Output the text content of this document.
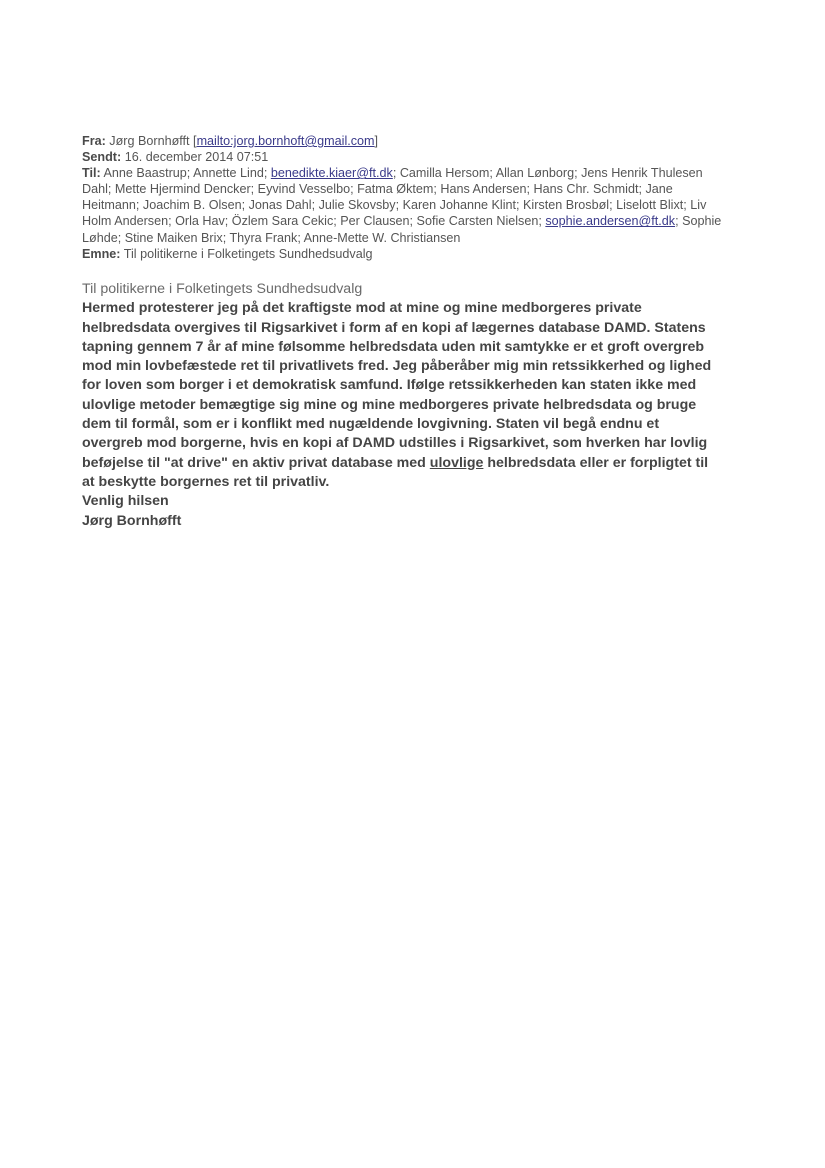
Fra: Jørg Bornhøfft [mailto:jorg.bornhoft@gmail.com]

Sendt: 16. december 2014 07:51

Til: Anne Baastrup; Annette Lind; benedikte.kiaer@ft.dk; Camilla Hersom; Allan Lønborg; Jens Henrik Thulesen Dahl; Mette Hjermind Dencker; Eyvind Vesselbo; Fatma Øktem; Hans Andersen; Hans Chr. Schmidt; Jane Heitmann; Joachim B. Olsen; Jonas Dahl; Julie Skovsby; Karen Johanne Klint; Kirsten Brosbøl; Liselott Blixt; Liv Holm Andersen; Orla Hav; Özlem Sara Cekic; Per Clausen; Sofie Carsten Nielsen; sophie.andersen@ft.dk; Sophie Løhde; Stine Maiken Brix; Thyra Frank; Anne-Mette W. Christiansen

Emne: Til politikerne i Folketingets Sundhedsudvalg

Til politikerne i Folketingets Sundhedsudvalg

Hermed protesterer jeg på det kraftigste mod at mine og mine medborgeres private helbredsdata overgives til Rigsarkivet i form af en kopi af lægernes database DAMD. Statens tapning gennem 7 år af mine følsomme helbredsdata uden mit samtykke er et groft overgreb mod min lovbefæstede ret til privatlivets fred. Jeg påberåber mig min retssikkerhed og lighed for loven som borger i et demokratisk samfund. Ifølge retssikkerheden kan staten ikke med ulovlige metoder bemægtige sig mine og mine medborgeres private helbredsdata og bruge dem til formål, som er i konflikt med nugældende lovgivning. Staten vil begå endnu et overgreb mod borgerne, hvis en kopi af DAMD udstilles i Rigsarkivet, som hverken har lovlig beføjelse til "at drive" en aktiv privat database med ulovlige helbredsdata eller er forpligtet til at beskytte borgernes ret til privatliv.

Venlig hilsen

Jørg Bornhøfft
